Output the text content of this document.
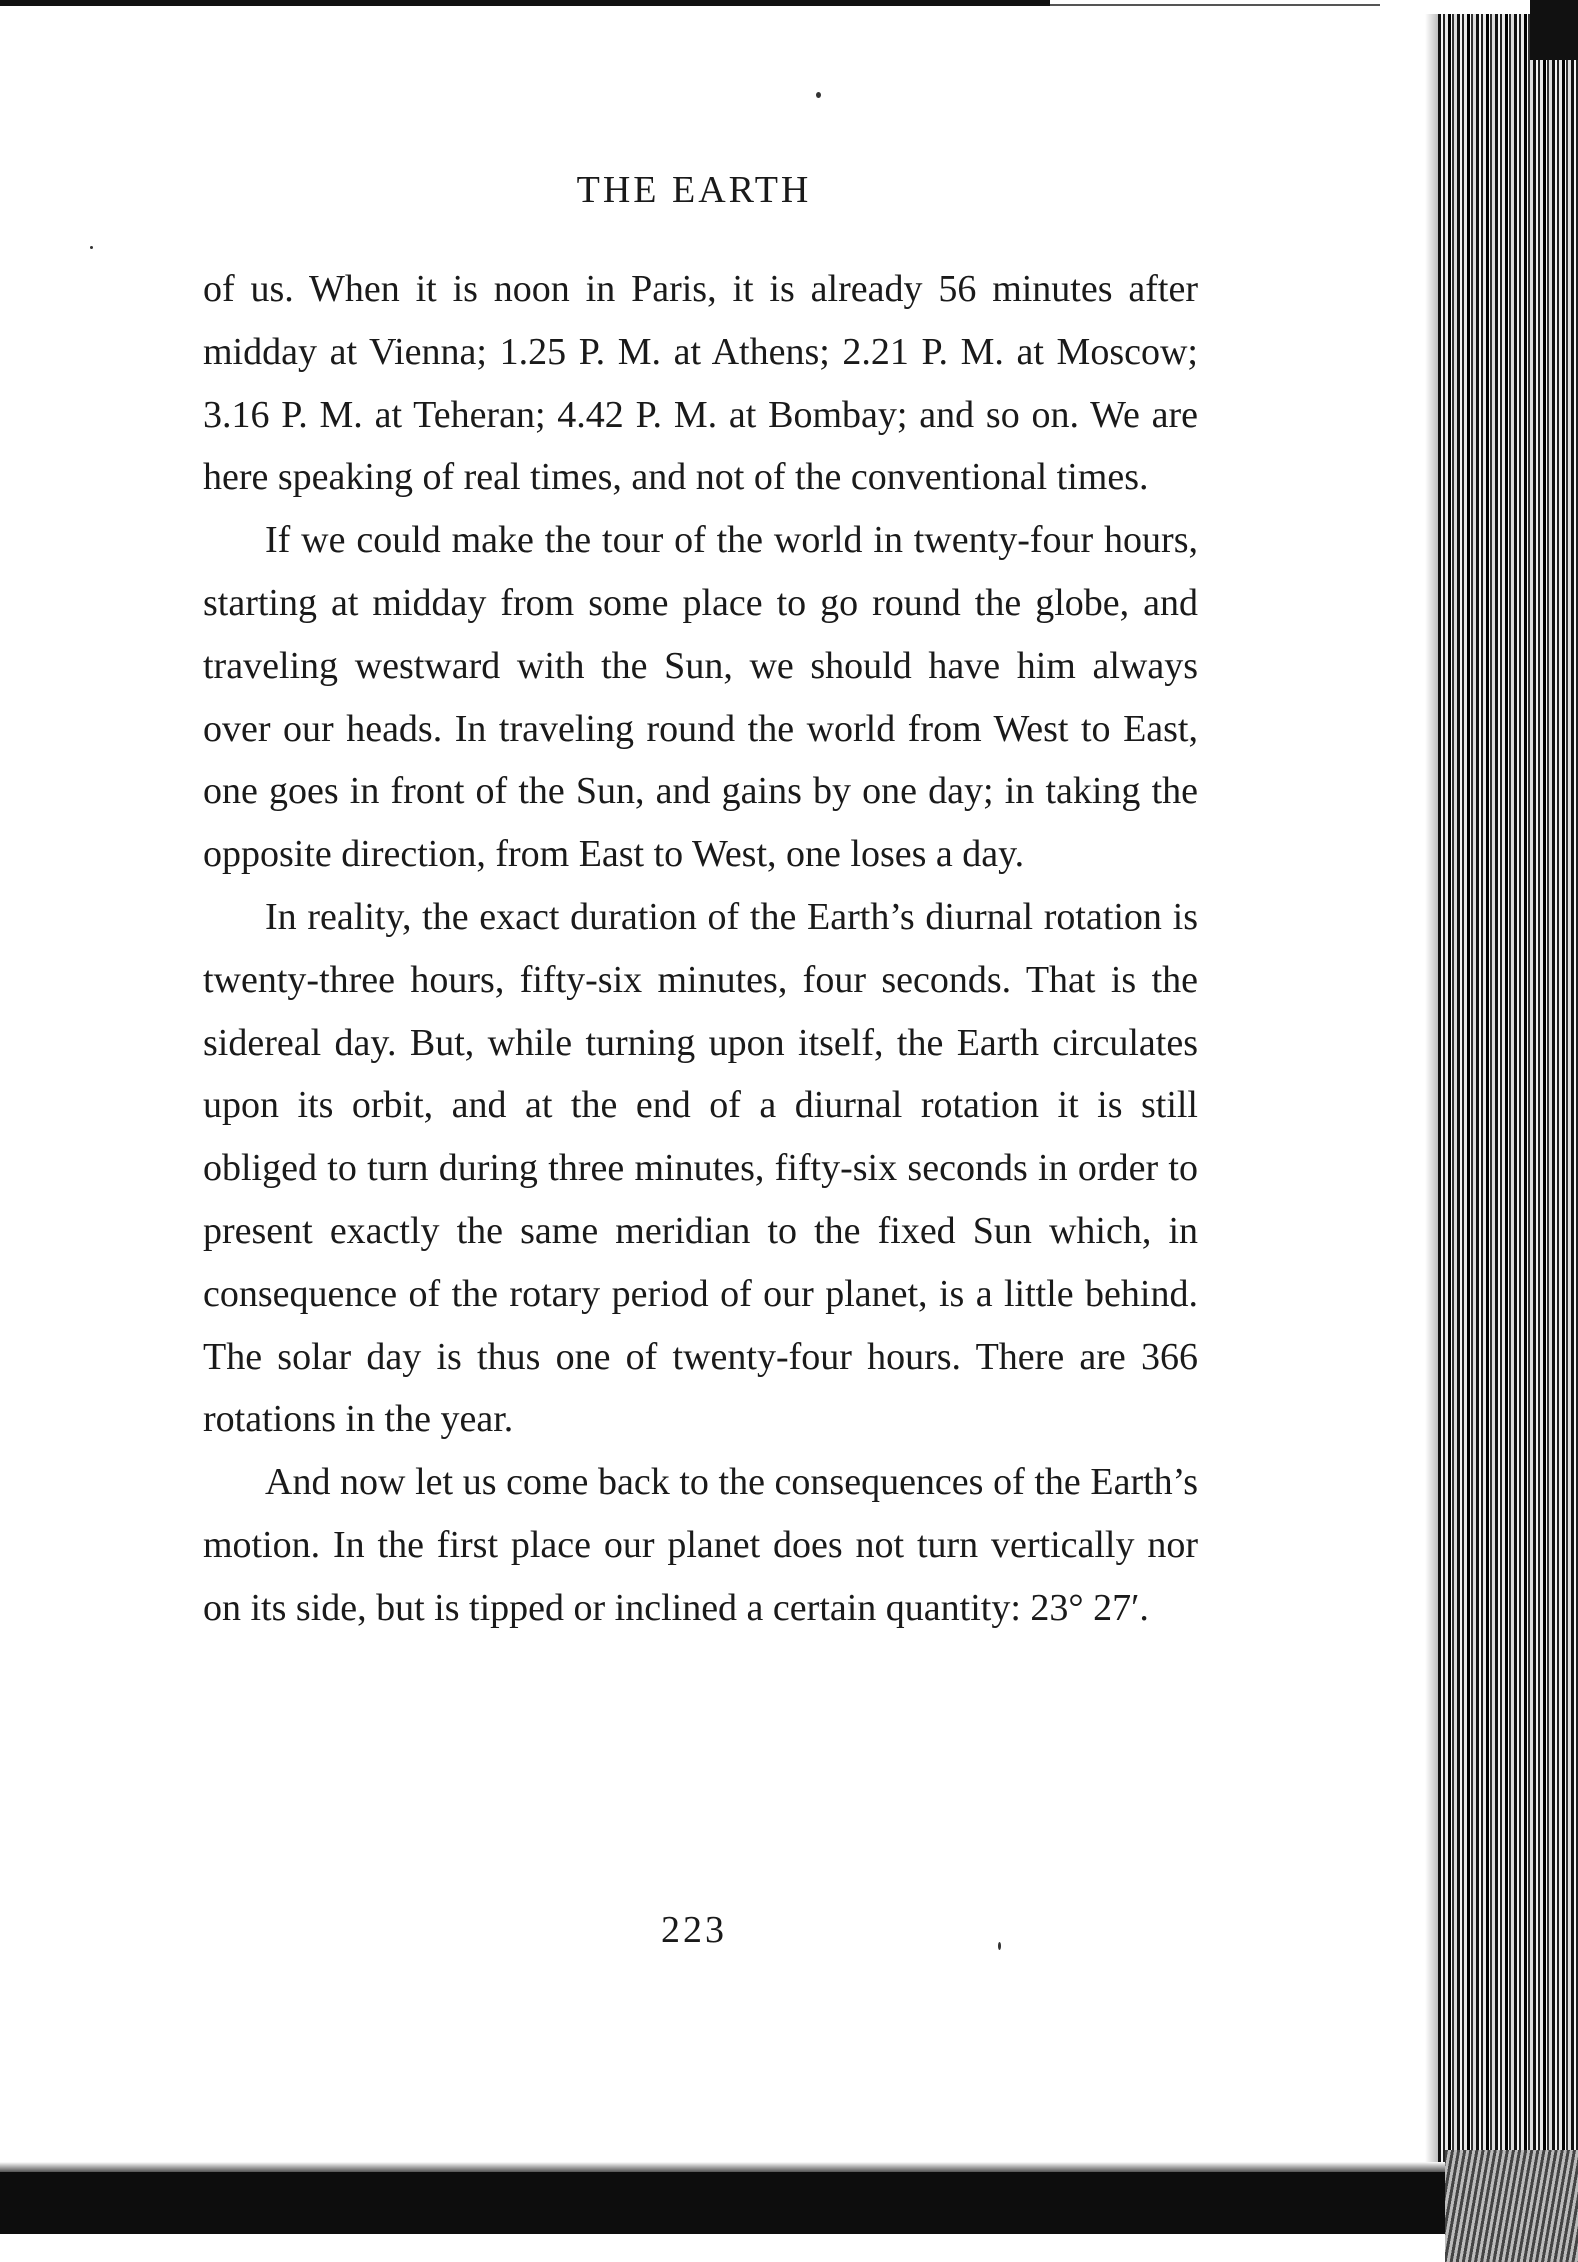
THE EARTH

of us. When it is noon in Paris, it is already 56 minutes after midday at Vienna; 1.25 P. M. at Athens; 2.21 P. M. at Moscow; 3.16 P. M. at Teheran; 4.42 P. M. at Bombay; and so on. We are here speaking of real times, and not of the conventional times.

If we could make the tour of the world in twenty-four hours, starting at midday from some place to go round the globe, and traveling westward with the Sun, we should have him always over our heads. In traveling round the world from West to East, one goes in front of the Sun, and gains by one day; in taking the opposite direction, from East to West, one loses a day.

In reality, the exact duration of the Earth’s diurnal rotation is twenty-three hours, fifty-six minutes, four seconds. That is the sidereal day. But, while turning upon itself, the Earth circulates upon its orbit, and at the end of a diurnal rotation it is still obliged to turn during three minutes, fifty-six seconds in order to present exactly the same meridian to the fixed Sun which, in consequence of the rotary period of our planet, is a little behind. The solar day is thus one of twenty-four hours. There are 366 rotations in the year.

And now let us come back to the consequences of the Earth’s motion. In the first place our planet does not turn vertically nor on its side, but is tipped or inclined a certain quantity: 23° 27′.

223
